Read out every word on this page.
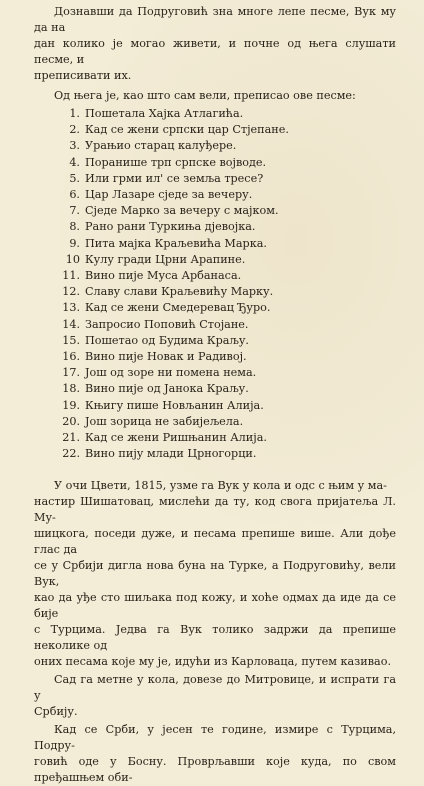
Дознавши да Подруговић зна многе лепе песме, Вук му да на
дан колико је могао живети, и почне од њега слушати песме, и
преписивати их.

Од њега је, као што сам вели, преписао ове песме:

1. Пошетала Хајка Атлагића.
2. Кад се жени српски цар Стјепане.
3. Урањио старац калуђере.
4. Поранише трп српске војводе.
5. Или грми ил' се земља тресе?
6. Цар Лазаре сједе за вечеру.
7. Сједе Марко за вечеру с мајком.
8. Рано рани Туркиња дјевојка.
9. Пита мајка Краљевића Марка.
10 Кулу гради Црни Арапине.
11. Вино пије Муса Арбанаса.
12. Славу слави Краљевићу Марку.
13. Кад се жени Смедеревац Ђуро.
14. Запросио Поповић Стојане.
15. Пошетао од Будима Краљу.
16. Вино пије Новак и Радивој.
17. Још од зоре ни помена нема.
18. Вино пије од Јанока Краљу.
19. Књигу пише Новљанин Алија.
20. Још зорица не забијељела.
21. Кад се жени Ришњанин Алија.
22. Вино пију млади Црногорци.

У очи Цвети, 1815, узме га Вук у кола и одс с њим у ма-
настир Шишатовац, мислећи да ту, код свога пријатеља Л. Му-
шицкога, поседи дуже, и песама препише више. Али дође глас да
се у Србији дигла нова буна на Турке, а Подруговићу, вели Вук,
као да уђе сто шиљака под кожу, и хоће одмах да иде да се бије
с Турцима. Једва га Вук толико задржи да препише неколике од
оних песама које му је, идући из Карловаца, путем казивао.

Сад га метне у кола, довезе до Митровице, и испрати га у
Србију.

Кад се Срби, у јесен те године, измире с Турцима, Подру-
говић оде у Босну. Проврљавши које куда, по свом пређашњем оби-
